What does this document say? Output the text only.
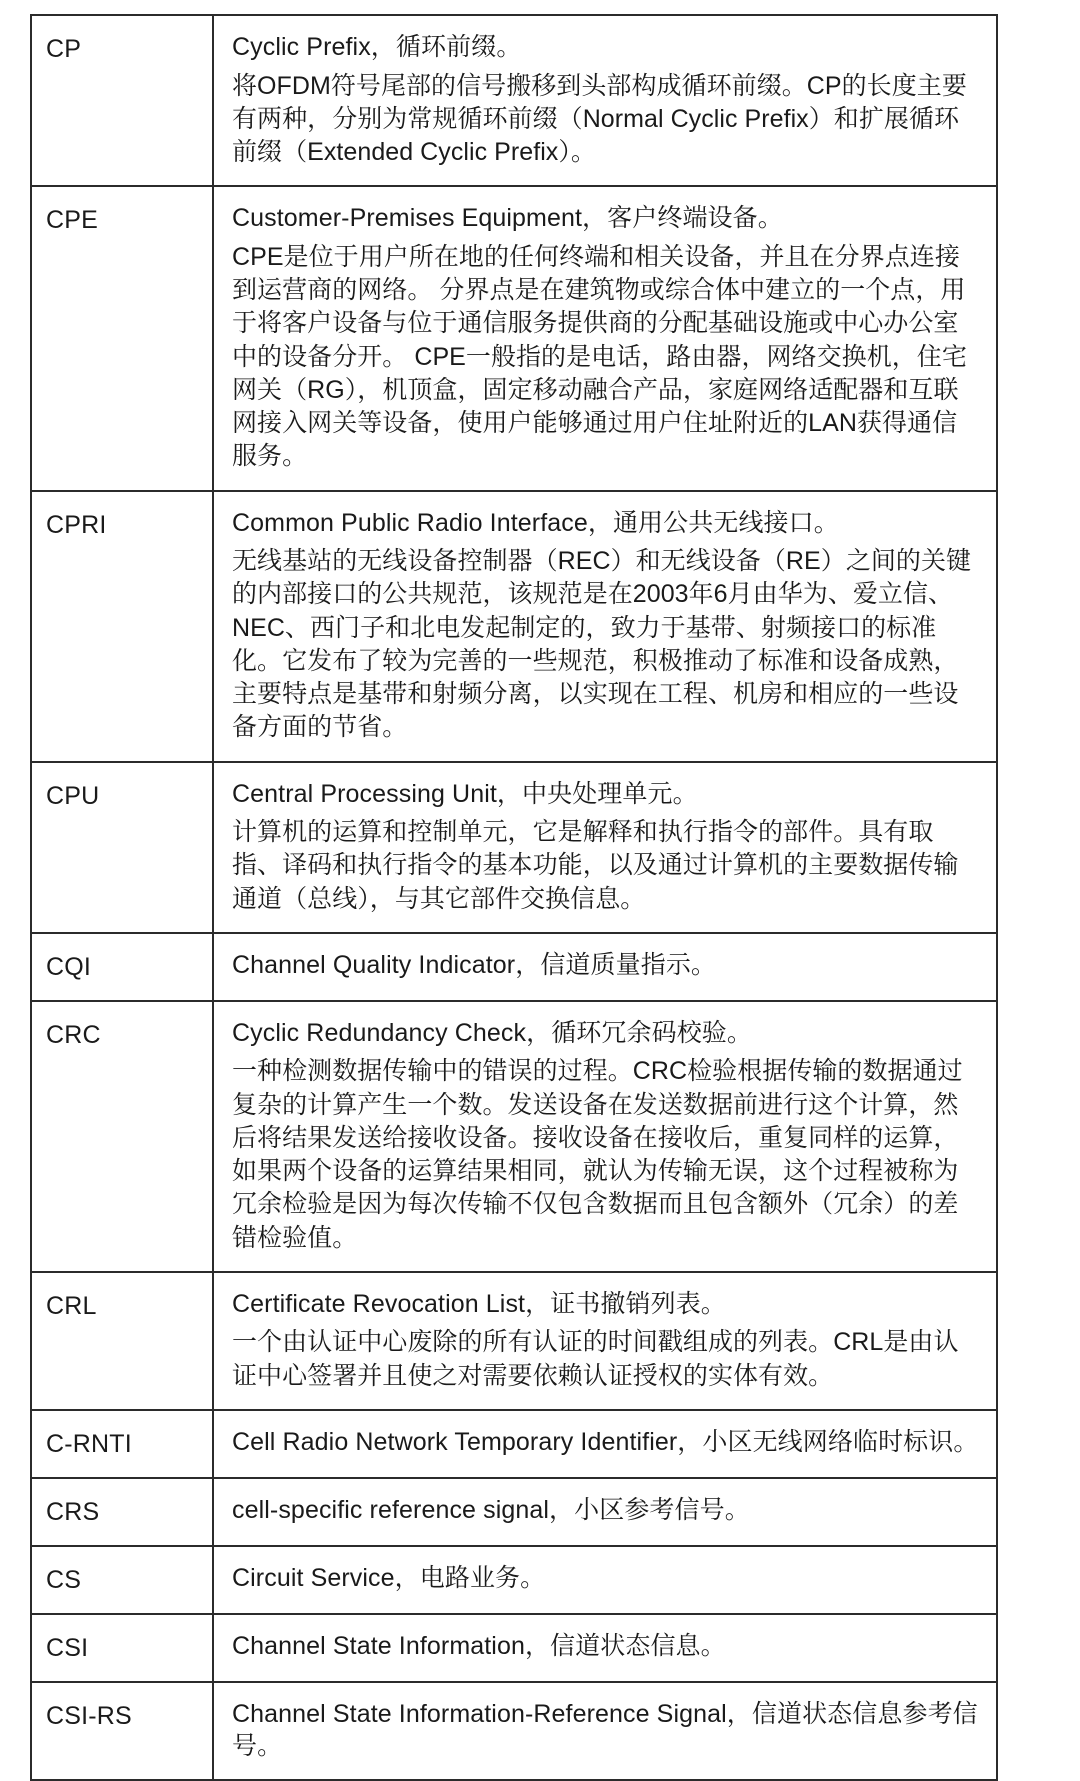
CP	Cyclic Prefix，循环前缀。

将OFDM符号尾部的信号搬移到头部构成循环前缀。CP的长度主要有两种，分别为常规循环前缀（Normal Cyclic Prefix）和扩展循环前缀（Extended Cyclic Prefix）。

CPE	Customer-Premises Equipment，客户终端设备。

CPE是位于用户所在地的任何终端和相关设备，并且在分界点连接到运营商的网络。 分界点是在建筑物或综合体中建立的一个点，用于将客户设备与位于通信服务提供商的分配基础设施或中心办公室中的设备分开。 CPE一般指的是电话，路由器，网络交换机，住宅网关（RG），机顶盒，固定移动融合产品，家庭网络适配器和互联网接入网关等设备，使用户能够通过用户住址附近的LAN获得通信服务。

CPRI	Common Public Radio Interface，通用公共无线接口。

无线基站的无线设备控制器（REC）和无线设备（RE）之间的关键的内部接口的公共规范，该规范是在2003年6月由华为、爱立信、NEC、西门子和北电发起制定的，致力于基带、射频接口的标准化。它发布了较为完善的一些规范，积极推动了标准和设备成熟，主要特点是基带和射频分离，以实现在工程、机房和相应的一些设备方面的节省。

CPU	Central Processing Unit，中央处理单元。

计算机的运算和控制单元，它是解释和执行指令的部件。具有取指、译码和执行指令的基本功能，以及通过计算机的主要数据传输通道（总线），与其它部件交换信息。

CQI	Channel Quality Indicator，信道质量指示。

CRC	Cyclic Redundancy Check，循环冗余码校验。

一种检测数据传输中的错误的过程。CRC检验根据传输的数据通过复杂的计算产生一个数。发送设备在发送数据前进行这个计算，然后将结果发送给接收设备。接收设备在接收后，重复同样的运算，如果两个设备的运算结果相同，就认为传输无误，这个过程被称为冗余检验是因为每次传输不仅包含数据而且包含额外（冗余）的差错检验值。

CRL	Certificate Revocation List，证书撤销列表。

一个由认证中心废除的所有认证的时间戳组成的列表。CRL是由认证中心签署并且使之对需要依赖认证授权的实体有效。

C-RNTI	Cell Radio Network Temporary Identifier，小区无线网络临时标识。

CRS	cell-specific reference signal，小区参考信号。

CS	Circuit Service，电路业务。

CSI	Channel State Information，信道状态信息。

CSI-RS	Channel State Information-Reference Signal，信道状态信息参考信号。
